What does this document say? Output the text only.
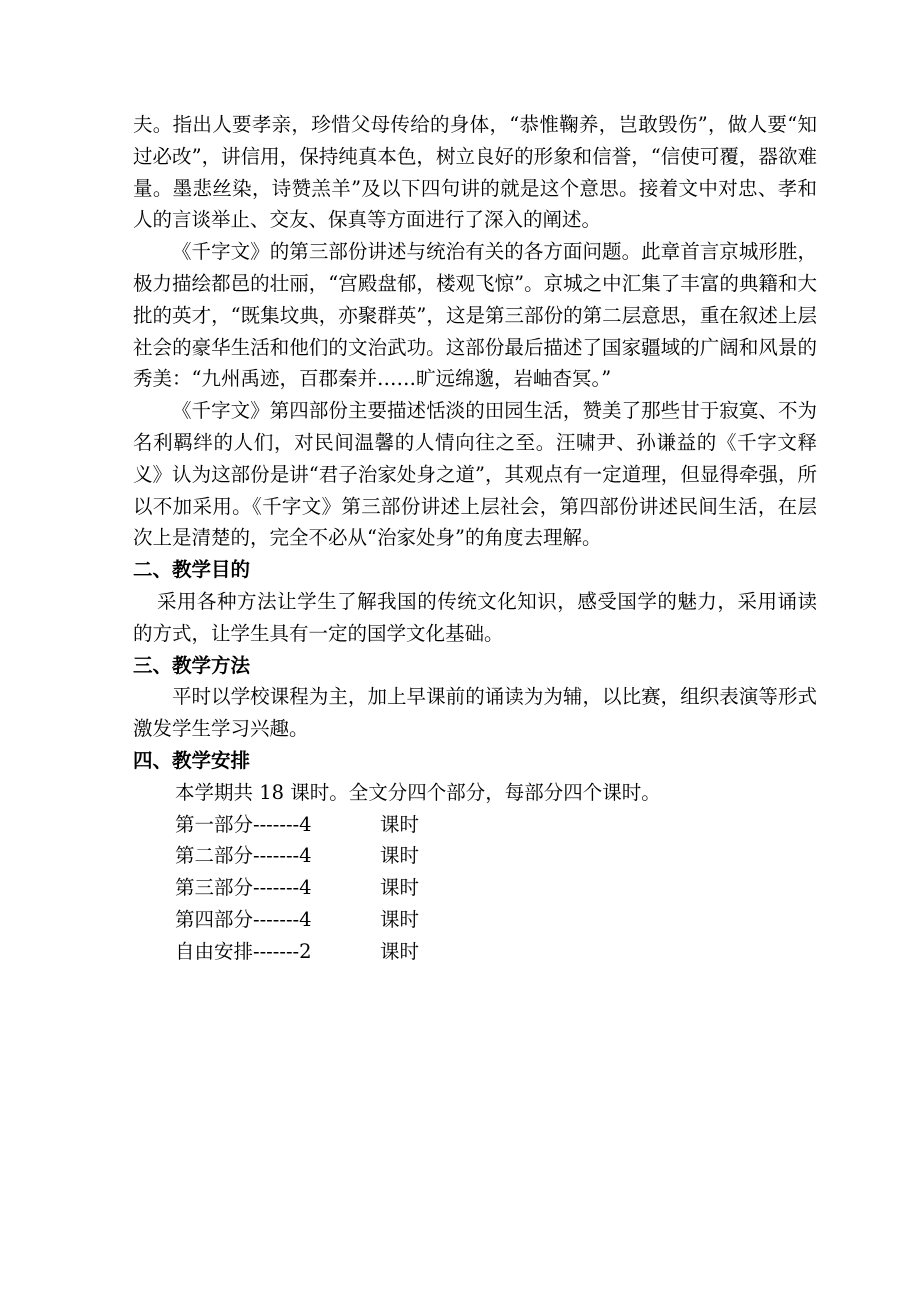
夫。指出人要孝亲，珍惜父母传给的身体，“恭惟鞠养，岂敢毁伤”，做人要“知过必改”，讲信用，保持纯真本色，树立良好的形象和信誉，“信使可覆，器欲难量。墨悲丝染，诗赞羔羊”及以下四句讲的就是这个意思。接着文中对忠、孝和人的言谈举止、交友、保真等方面进行了深入的阐述。

《千字文》的第三部份讲述与统治有关的各方面问题。此章首言京城形胜，极力描绘都邑的壮丽，“宫殿盘郁，楼观飞惊”。京城之中汇集了丰富的典籍和大批的英才，“既集坟典，亦聚群英”，这是第三部份的第二层意思，重在叙述上层社会的豪华生活和他们的文治武功。这部份最后描述了国家疆域的广阔和风景的秀美：“九州禹迹，百郡秦并……旷远绵邈，岩岫杳冥。”

《千字文》第四部份主要描述恬淡的田园生活，赞美了那些甘于寂寞、不为名利羁绊的人们，对民间温馨的人情向往之至。汪啸尹、孙谦益的《千字文释义》认为这部份是讲“君子治家处身之道”，其观点有一定道理，但显得牵强，所以不加采用。《千字文》第三部份讲述上层社会，第四部份讲述民间生活，在层次上是清楚的，完全不必从“治家处身”的角度去理解。

二、教学目的

采用各种方法让学生了解我国的传统文化知识，感受国学的魅力，采用诵读的方式，让学生具有一定的国学文化基础。

三、教学方法

平时以学校课程为主，加上早课前的诵读为为辅，以比赛，组织表演等形式激发学生学习兴趣。

四、教学安排

本学期共 18 课时。全文分四个部分，每部分四个课时。

第一部分-------4	课时
第二部分-------4	课时
第三部分-------4	课时
第四部分-------4	课时
自由安排-------2	课时
